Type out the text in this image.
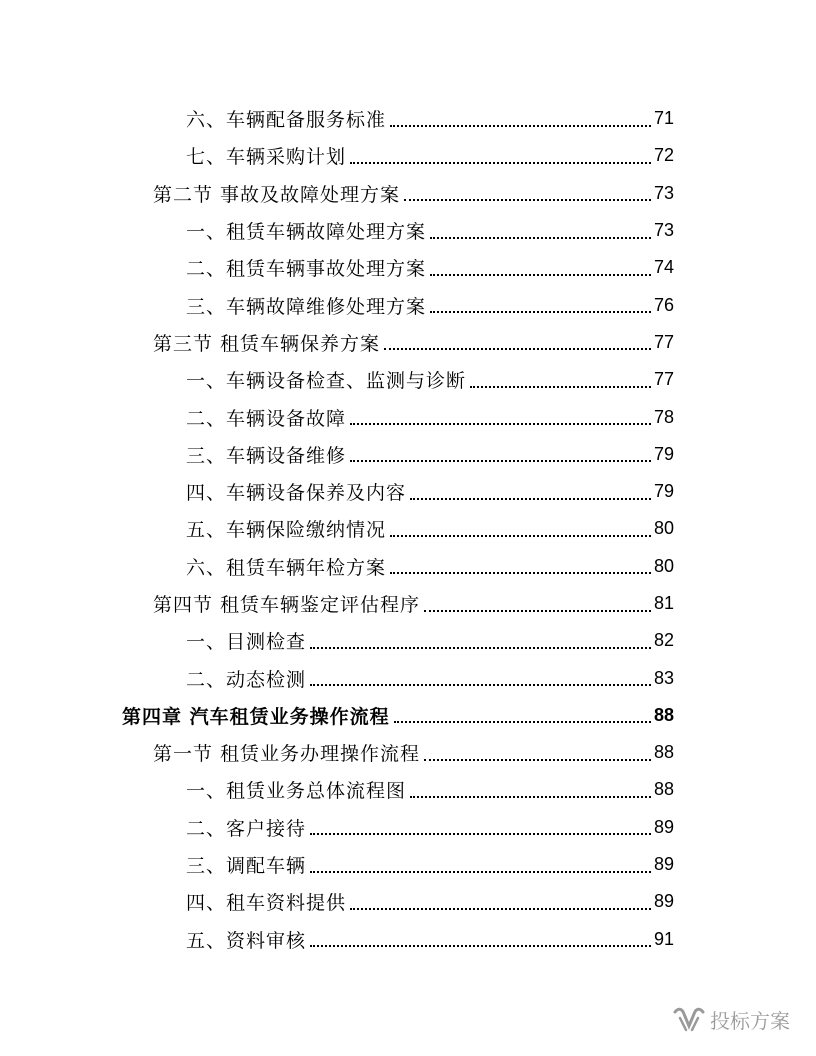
六、车辆配备服务标准	71
七、车辆采购计划	72
第二节 事故及故障处理方案	73
一、租赁车辆故障处理方案	73
二、租赁车辆事故处理方案	74
三、车辆故障维修处理方案	76
第三节 租赁车辆保养方案	77
一、车辆设备检查、监测与诊断	77
二、车辆设备故障	78
三、车辆设备维修	79
四、车辆设备保养及内容	79
五、车辆保险缴纳情况	80
六、租赁车辆年检方案	80
第四节 租赁车辆鉴定评估程序	81
一、目测检查	82
二、动态检测	83
第四章 汽车租赁业务操作流程	88
第一节 租赁业务办理操作流程	88
一、租赁业务总体流程图	88
二、客户接待	89
三、调配车辆	89
四、租车资料提供	89
五、资料审核	91
投标方案
